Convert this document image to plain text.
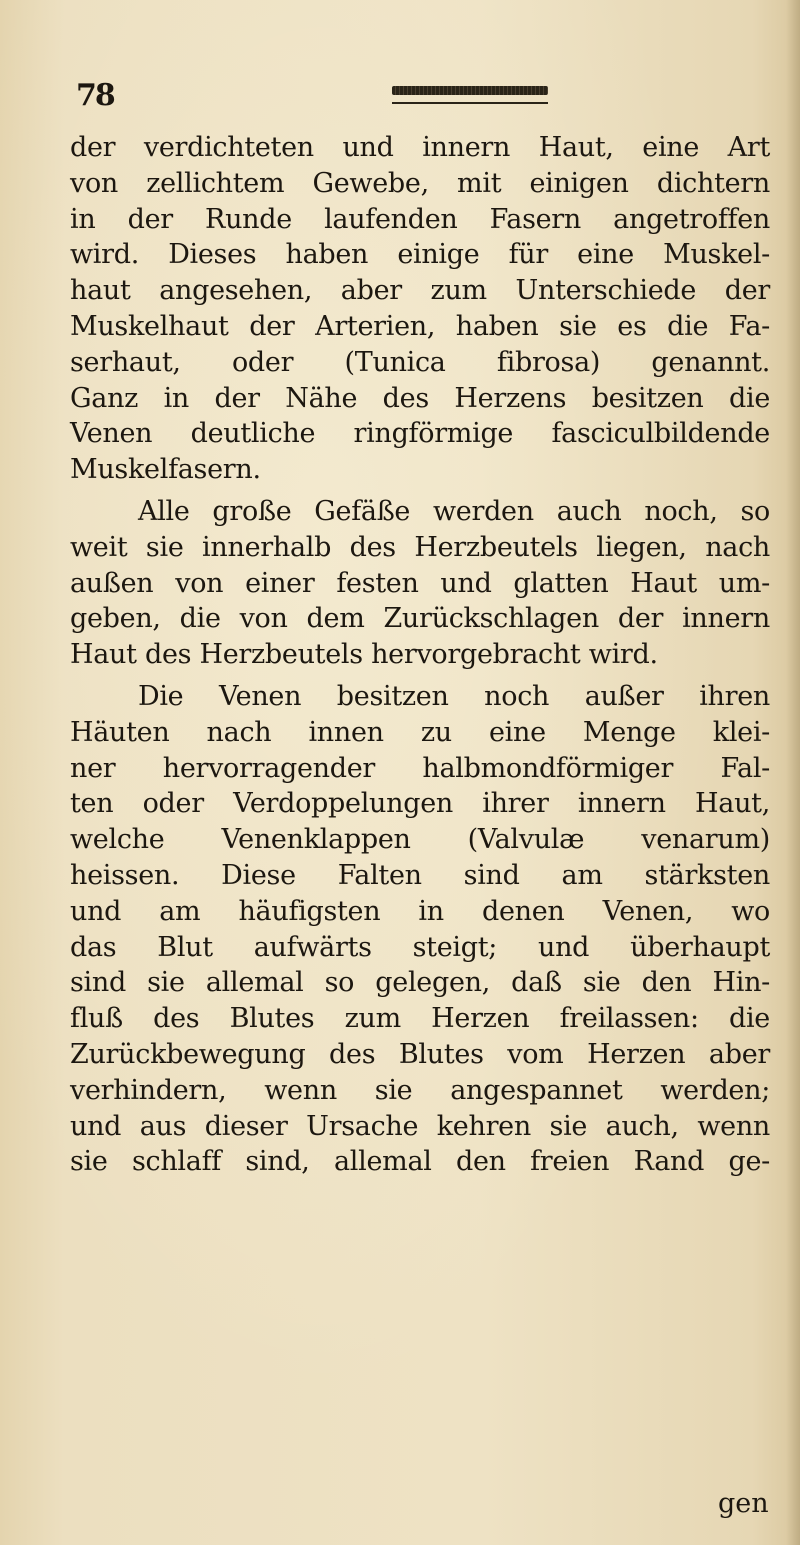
78
der verdichteten und innern Haut, eine Art
von zellichtem Gewebe, mit einigen dichtern
in der Runde laufenden Fasern angetroffen
wird. Dieses haben einige für eine Muskel-
haut angesehen, aber zum Unterschiede der
Muskelhaut der Arterien, haben sie es die Fa-
serhaut, oder (Tunica fibrosa) genannt.
Ganz in der Nähe des Herzens besitzen die
Venen deutliche ringförmige fasciculbildende
Muskelfasern.
Alle große Gefäße werden auch noch, so
weit sie innerhalb des Herzbeutels liegen, nach
außen von einer festen und glatten Haut um-
geben, die von dem Zurückschlagen der innern
Haut des Herzbeutels hervorgebracht wird.
Die Venen besitzen noch außer ihren
Häuten nach innen zu eine Menge klei-
ner hervorragender halbmondförmiger Fal-
ten oder Verdoppelungen ihrer innern Haut,
welche Venenklappen (Valvulæ venarum)
heissen. Diese Falten sind am stärksten
und am häufigsten in denen Venen, wo
das Blut aufwärts steigt; und überhaupt
sind sie allemal so gelegen, daß sie den Hin-
fluß des Blutes zum Herzen freilassen: die
Zurückbewegung des Blutes vom Herzen aber
verhindern, wenn sie angespannet werden;
und aus dieser Ursache kehren sie auch, wenn
sie schlaff sind, allemal den freien Rand ge-
gen
